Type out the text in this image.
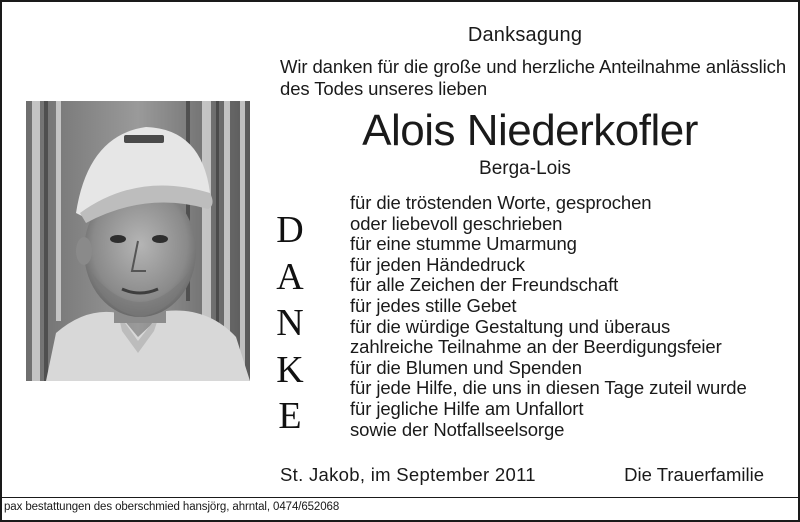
Danksagung
Wir danken für die große und herzliche Anteilnahme anlässlich
des Todes unseres lieben
Alois Niederkofler
Berga-Lois
D
A
N
K
E
für die tröstenden Worte, gesprochen
oder liebevoll geschrieben
für eine stumme Umarmung
für jeden Händedruck
für alle Zeichen der Freundschaft
für jedes stille Gebet
für die würdige Gestaltung und überaus
zahlreiche Teilnahme an der Beerdigungsfeier
für die Blumen und Spenden
für jede Hilfe, die uns in diesen Tage zuteil wurde
für jegliche Hilfe am Unfallort
sowie der Notfallseelsorge
St. Jakob, im September 2011	Die Trauerfamilie
pax bestattungen des oberschmied hansjörg, ahrntal, 0474/652068
